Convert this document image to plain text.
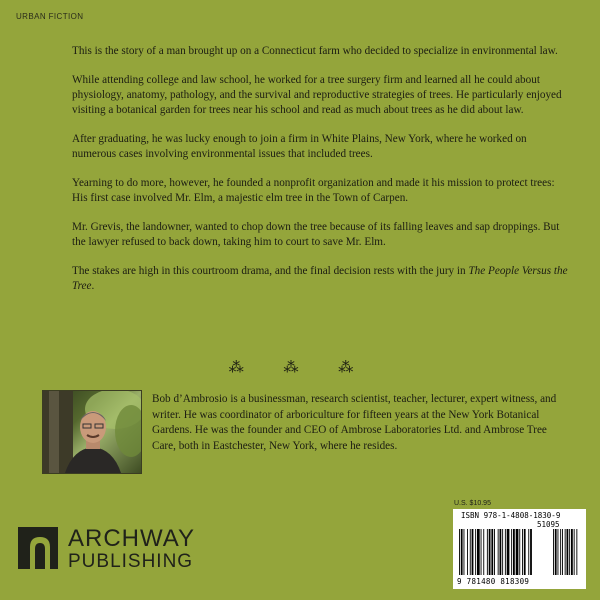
URBAN FICTION

This is the story of a man brought up on a Connecticut farm who decided to specialize in environmental law.

While attending college and law school, he worked for a tree surgery firm and learned all he could about physiology, anatomy, pathology, and the survival and reproductive strategies of trees. He particularly enjoyed visiting a botanical garden for trees near his school and read as much about trees as he did about law.

After graduating, he was lucky enough to join a firm in White Plains, New York, where he worked on numerous cases involving environmental issues that included trees.

Yearning to do more, however, he founded a nonprofit organization and made it his mission to protect trees: His first case involved Mr. Elm, a majestic elm tree in the Town of Carpen.

Mr. Grevis, the landowner, wanted to chop down the tree because of its falling leaves and sap droppings. But the lawyer refused to back down, taking him to court to save Mr. Elm.

The stakes are high in this courtroom drama, and the final decision rests with the jury in The People Versus the Tree.

⁂ ⁂ ⁂
Bob d’Ambrosio is a businessman, research scientist, teacher, lecturer, expert witness, and writer. He was coordinator of arboriculture for fifteen years at the New York Botanical Gardens. He was the founder and CEO of Ambrose Laboratories Ltd. and Ambrose Tree Care, both in Eastchester, New York, where he resides.
ARCHWAY
PUBLISHING
U.S. $10.95
ISBN 978-1-4808-1830-9
51095
9 781480 818309
